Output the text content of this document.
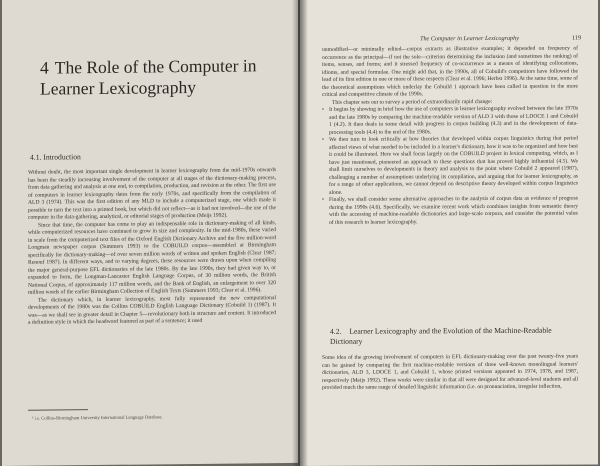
4 The Role of the Computer in Learner Lexicography
4.1. Introduction

Without doubt, the most important single development in learner lexicography from the mid-1970s onwards has been the steadily increasing involvement of the computer at all stages of the dictionary-making process, from data gathering and analysis at one end, to compilation, production, and revision at the other. The first use of computers in learner lexicography dates from the early 1970s, and specifically from the compilation of ALD 3 (1974). This was the first edition of any MLD to include a computerized stage, one which made it possible to turn the text into a printed book, but which did not reflect—as it had not involved—the use of the computer in the data-gathering, analytical, or editorial stages of production (Meijs 1992).

Since that time, the computer has come to play an indispensable role in dictionary-making of all kinds, while computerized resources have continued to grow in size and complexity. In the mid-1980s, these varied in scale from the computerized text files of the Oxford English Dictionary Archive and the five million-word Longman newspaper corpus (Summers 1993) to the COBUILD corpus—assembled at Birmingham specifically for dictionary-making—of over seven million words of written and spoken English (Clear 1987; Renouf 1987). In different ways, and to varying degrees, these resources were drawn upon when compiling the major general-purpose EFL dictionaries of the late 1980s. By the late 1990s, they had given way to, or expanded to form, the Longman-Lancaster English Language Corpus, of 30 million words, the British National Corpus, of approximately 117 million words, and the Bank of English, an enlargement to over 320 million words of the earlier Birmingham Collection of English Texts (Summers 1993; Clear et al. 1996).

The dictionary which, in learner lexicography, most fully represented the new computational developments of the 1980s was the Collins COBUILD English Language Dictionary (Cobuild 1) (1987). It was—as we shall see in greater detail in Chapter 5—revolutionary both in structure and content. It introduced a definition style in which the headword featured as part of a sentence; it used

¹ i.e. Collins-Birmingham University International Language Database.
The Computer in Learner Lexicography	119

unmodified—or minimally edited—corpus extracts as illustrative examples; it depended on frequency of occurrence as the principal—if not the sole—criterion determining the inclusion (and sometimes the ranking) of items, senses, and forms; and it stressed frequency of co-occurrence as a means of identifying collocations, idioms, and special formulae. One might add that, in the 1990s, all of Cobuild's competitors have followed the lead of its first edition in one or more of these respects (Clear et al. 1996; Herbst 1996). At the same time, some of the theoretical assumptions which underlay the Cobuild 1 approach have been called in question in the more critical and competitive climate of the 1990s.

This chapter sets out to survey a period of extraordinarily rapid change:

• It begins by showing in brief how the use of computers in learner lexicography evolved between the late 1970s and the late 1980s by comparing the machine-readable version of ALD 3 with those of LDOCE 1 and Cobuild 1 (4.2). It then deals in some detail with progress in corpus building (4.3) and in the development of data-processing tools (4.4) to the end of the 1980s.
• We then turn to look critically at how theories that developed within corpus linguistics during that period affected views of what needed to be included in a learner's dictionary, how it was to be organized and how best it could be illustrated. Here we shall focus largely on the COBUILD project in lexical computing, which, as I have just mentioned, pioneered an approach to these questions that has proved highly influential (4.5). We shall limit ourselves to developments in theory and analysis to the point where Cobuild 2 appeared (1987), challenging a number of assumptions underlying its compilation, and arguing that for learner lexicography, as for a range of other applications, we cannot depend on descriptive theory developed within corpus linguistics alone.
• Finally, we shall consider some alternative approaches to the analysis of corpus data as evidence of progress during the 1990s (4.6). Specifically, we examine recent work which combines insights from semantic theory with the accessing of machine-readable dictionaries and large-scale corpora, and consider the potential value of this research to learner lexicography.
4.2. Learner Lexicography and the Evolution of the Machine-Readable Dictionary

Some idea of the growing involvement of computers in EFL dictionary-making over the past twenty-five years can be gained by comparing the first machine-readable versions of three well-known monolingual learners' dictionaries, ALD 3, LDOCE 1, and Cobuild 1, whose printed versions appeared in 1974, 1978, and 1987, respectively (Meijs 1992). These works were similar in that all were designed for advanced-level students and all provided much the same range of detailed linguistic information (i.e. on pronunciation, irregular inflection,
